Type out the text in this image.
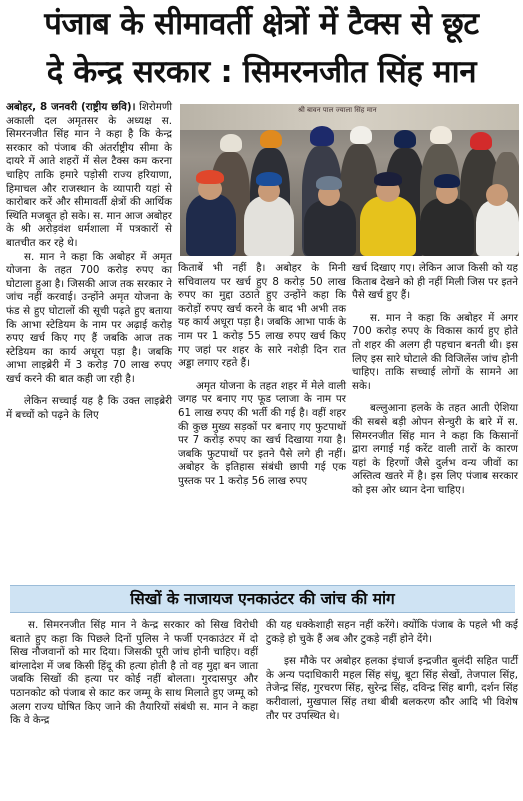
पंजाब के सीमावर्ती क्षेत्रों में टैक्स से छूट
दे केन्द्र सरकार : सिमरनजीत सिंह मान

अबोहर, 8 जनवरी (राष्ट्रीय छवि)। शिरोमणी अकाली दल अमृतसर के अध्यक्ष स. सिमरनजीत सिंह मान ने कहा है कि केन्द्र सरकार को पंजाब की अंतर्राष्ट्रीय सीमा के दायरे में आते शहरों में सेल टैक्स कम करना चाहिए ताकि हमारे पड़ोसी राज्य हरियाणा, हिमाचल और राजस्थान के व्यापारी यहां से कारोबार करें और सीमावर्ती क्षेत्रों की आर्थिक स्थिति मजबूत हो सके। स. मान आज अबोहर के श्री अरोड़वंश धर्मशाला में पत्रकारों से बातचीत कर रहे थे।

स. मान ने कहा कि अबोहर में अमृत योजना के तहत 700 करोड़ रुपए का घोटाला हुआ है। जिसकी आज तक सरकार ने जांच नहीं करवाई। उन्होंने अमृत योजना के फंड से हुए घोटालों की सूची पढ़ते हुए बताया कि आभा स्टेडियम के नाम पर अढ़ाई करोड़ रुपए खर्च किए गए हैं जबकि आज तक स्टेडियम का कार्य अधूरा पड़ा है। जबकि आभा लाइब्रेरी में 3 करोड़ 70 लाख रुपए खर्च करने की बात कही जा रही है।

लेकिन सच्चाई यह है कि उक्त लाइब्रेरी में बच्चों को पढ़ने के लिए

श्री बावन पाल ज्याला सिंह मान

किताबें भी नहीं है। अबोहर के मिनी सचिवालय पर खर्च हुए 8 करोड़ 50 लाख रुपए का मुद्दा उठाते हुए उन्होंने कहा कि करोड़ों रुपए खर्च करने के बाद भी अभी तक यह कार्य अधूरा पड़ा है। जबकि आभा पार्क के नाम पर 1 करोड़ 55 लाख रुपए खर्च किए गए जहां पर शहर के सारे नशेड़ी दिन रात अड्डा लगाए रहते हैं।

अमृत योजना के तहत शहर में मेले वाली जगह पर बनाए गए फूड प्लाजा के नाम पर 61 लाख रुपए की भर्ती की गई है। वहीं शहर की कुछ मुख्य सड़कों पर बनाए गए फुटपाथों पर 7 करोड़ रुपए का खर्च दिखाया गया है। जबकि फुटपाथों पर इतने पैसे लगे ही नहीं। अबोहर के इतिहास संबंधी छापी गई एक पुस्तक पर 1 करोड़ 56 लाख रुपए

खर्च दिखाए गए। लेकिन आज किसी को यह किताब देखने को ही नहीं मिली जिस पर इतने पैसे खर्च हुए हैं।

स. मान ने कहा कि अबोहर में अगर 700 करोड़ रुपए के विकास कार्य हुए होते तो शहर की अलग ही पहचान बनती थी। इस लिए इस सारे घोटाले की विजिलेंस जांच होनी चाहिए। ताकि सच्चाई लोगों के सामने आ सके।

बल्लुआना हलके के तहत आती ऐशिया की सबसे बड़ी ओपन सेन्चुरी के बारे में स. सिमरनजीत सिंह मान ने कहा कि किसानों द्वारा लगाई गई करेंट वाली तारों के कारण यहां के हिरणों जैसे दुर्लभ वन्य जीवों का अस्तित्व खतरे में है। इस लिए पंजाब सरकार को इस ओर ध्यान देना चाहिए।

सिखों के नाजायज एनकाउंटर की जांच की मांग

स. सिमरनजीत सिंह मान ने केन्द्र सरकार को सिख विरोधी बताते हुए कहा कि पिछले दिनों पुलिस ने फर्जी एनकाउंटर में दो सिख नौजवानों को मार दिया। जिसकी पूरी जांच होनी चाहिए। वहीं बांग्लादेश में जब किसी हिंदू की हत्या होती है तो वह मुद्दा बन जाता जबकि सिखों की हत्या पर कोई नहीं बोलता। गुरदासपुर और पठानकोट को पंजाब से काट कर जम्मू के साथ मिलाते हुए जम्मू को अलग राज्य घोषित किए जाने की तैयारियों संबंधी स. मान ने कहा कि वे केन्द्र

की यह धक्केशाही सहन नहीं करेंगे। क्योंकि पंजाब के पहले भी कई टुकड़े हो चुके हैं अब और टुकड़े नहीं होने देंगे।

इस मौके पर अबोहर हलका इंचार्ज इन्द्रजीत बुलंदी सहित पार्टी के अन्य पदाधिकारी महल सिंह संधू, बूटा सिंह सेखों, तेजपाल सिंह, तेजेन्द्र सिंह, गुरचरण सिंह, सुरेन्द्र सिंह, दविन्द्र सिंह बागी, दर्शन सिंह करीवालां, मुखपाल सिंह तथा बीबी बलकरण कौर आदि भी विशेष तौर पर उपस्थित थे।
